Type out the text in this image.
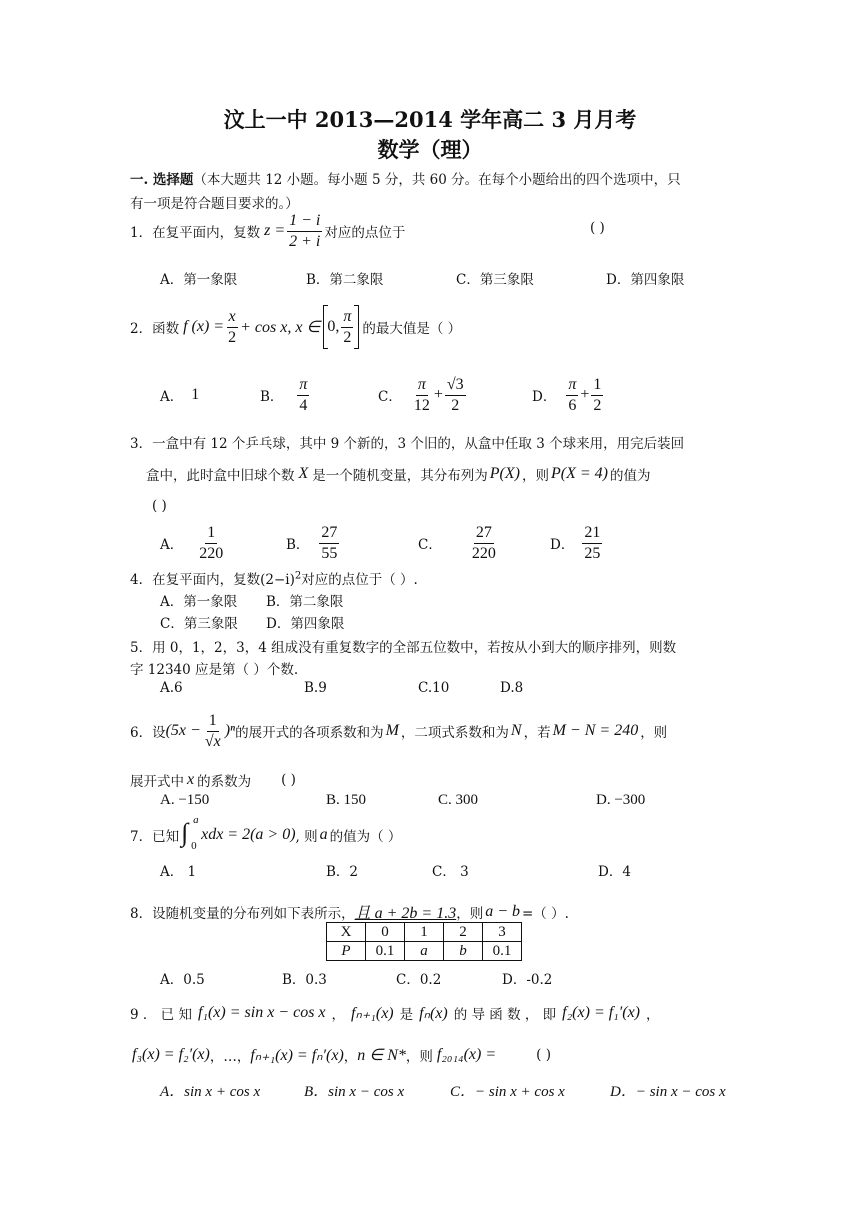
汶上一中 2013—2014 学年高二 3 月月考
数学（理）
一. 选择题（本大题共 12 小题。每小题 5 分，共 60 分。在每个小题给出的四个选项中，只
有一项是符合题目要求的。）
1．在复平面内，复数 $z = \frac{1 - i}{2 + i}$ 对应的点位于	( )
A．第一象限	B．第二象限	C．第三象限	D．第四象限
2．函数 f $(x) = \frac{x}{2} + \cos x$, x ∈ 0, $\frac{\pi}{2}$ 的最大值是（ ）
A． 1	B． $\frac{\pi}{4}$	C． $\frac{\pi}{12} + \frac{√3}{2}$	D． $\frac{\pi}{6} + \frac{1}{2}$
3．一盒中有 12 个乒乓球，其中 9 个新的，3 个旧的，从盒中任取 3 个球来用，用完后装回
盒中，此时盒中旧球个数 X 是一个随机变量，其分布列为 P(X) ，则 P(X = 4) 的值为
( )
A． $\frac{1}{220}$	B． $\frac{27}{55}$	C． $\frac{27}{220}$	D． $\frac{21}{25}$
4．在复平面内，复数$(2-i)^2$对应的点位于（ ）.
A．第一象限 B．第二象限
C．第三象限 D．第四象限
5．用 0，1，2，3，4 组成没有重复数字的全部五位数中，若按从小到大的顺序排列，则数
字 12340 应是第（ ）个数.
A.6	B.9	C.10	D.8
6．设 $(5x - \frac{1}{√x} )^n$ 的展开式的各项系数和为 M ，二项式系数和为 N ，若 M − N = 240 ，则
展开式中 x 的系数为 ( )
A. −150	B. 150	C. 300	D. −300
7．已知 ∫ a
0
xdx = 2(a > 0) , 则 a 的值为（ ）
A． 1	B．2	C． 3	D．4
8．设随机变量的分布列如下表所示， 且 a + 2b = 1.3 ，则 a − b =（ ）.
X	0	1	2	3
P	0.1	a	b	0.1
A．0.5	B．0.3	C．0.2	D．-0.2
9 ． 已 知 f₁(x) = sin x − cos x ， fₙ₊₁(x) 是 fₙ(x) 的 导 函 数 ， 即 f₂(x) = f₁′(x) ，
f₃(x) = f₂′(x) ，…， fₙ₊₁(x) = fₙ′(x) ， n ∈ N* ，则 f₂₀₁₄(x) =	( )
A．sin x + cos x	B．sin x − cos x	C．− sin x + cos x	D．− sin x − cos x
